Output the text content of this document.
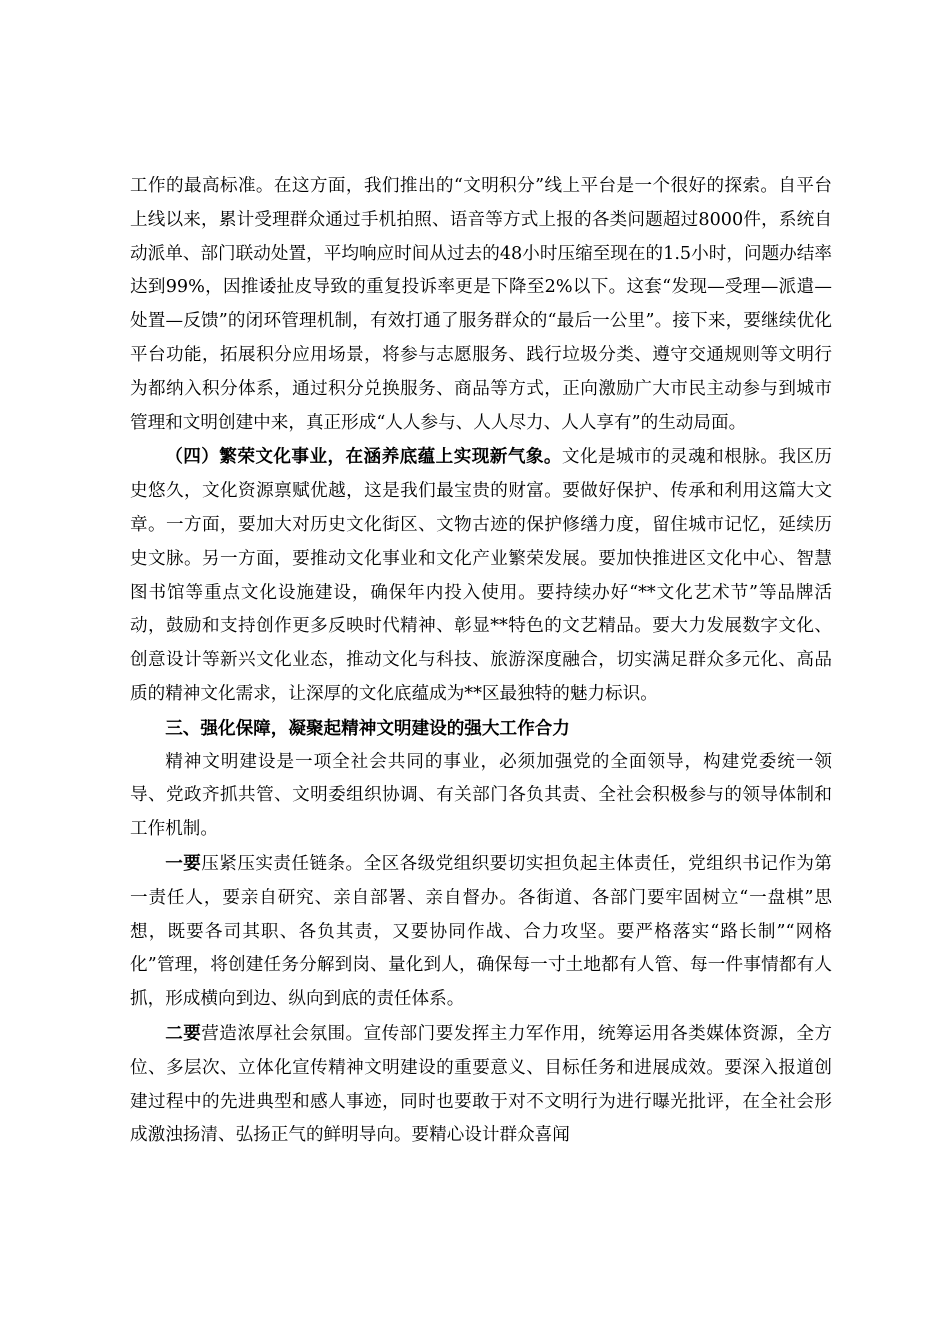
工作的最高标准。在这方面，我们推出的“文明积分”线上平台是一个很好的探索。自平台上线以来，累计受理群众通过手机拍照、语音等方式上报的各类问题超过8000件，系统自动派单、部门联动处置，平均响应时间从过去的48小时压缩至现在的1.5小时，问题办结率达到99%，因推诿扯皮导致的重复投诉率更是下降至2%以下。这套“发现—受理—派遣—处置—反馈”的闭环管理机制，有效打通了服务群众的“最后一公里”。接下来，要继续优化平台功能，拓展积分应用场景，将参与志愿服务、践行垃圾分类、遵守交通规则等文明行为都纳入积分体系，通过积分兑换服务、商品等方式，正向激励广大市民主动参与到城市管理和文明创建中来，真正形成“人人参与、人人尽力、人人享有”的生动局面。

（四）繁荣文化事业，在涵养底蕴上实现新气象。文化是城市的灵魂和根脉。我区历史悠久，文化资源禀赋优越，这是我们最宝贵的财富。要做好保护、传承和利用这篇大文章。一方面，要加大对历史文化街区、文物古迹的保护修缮力度，留住城市记忆，延续历史文脉。另一方面，要推动文化事业和文化产业繁荣发展。要加快推进区文化中心、智慧图书馆等重点文化设施建设，确保年内投入使用。要持续办好“**文化艺术节”等品牌活动，鼓励和支持创作更多反映时代精神、彰显**特色的文艺精品。要大力发展数字文化、创意设计等新兴文化业态，推动文化与科技、旅游深度融合，切实满足群众多元化、高品质的精神文化需求，让深厚的文化底蕴成为**区最独特的魅力标识。

三、强化保障，凝聚起精神文明建设的强大工作合力

精神文明建设是一项全社会共同的事业，必须加强党的全面领导，构建党委统一领导、党政齐抓共管、文明委组织协调、有关部门各负其责、全社会积极参与的领导体制和工作机制。

一要压紧压实责任链条。全区各级党组织要切实担负起主体责任，党组织书记作为第一责任人，要亲自研究、亲自部署、亲自督办。各街道、各部门要牢固树立“一盘棋”思想，既要各司其职、各负其责，又要协同作战、合力攻坚。要严格落实“路长制”“网格化”管理，将创建任务分解到岗、量化到人，确保每一寸土地都有人管、每一件事情都有人抓，形成横向到边、纵向到底的责任体系。

二要营造浓厚社会氛围。宣传部门要发挥主力军作用，统筹运用各类媒体资源，全方位、多层次、立体化宣传精神文明建设的重要意义、目标任务和进展成效。要深入报道创建过程中的先进典型和感人事迹，同时也要敢于对不文明行为进行曝光批评，在全社会形成激浊扬清、弘扬正气的鲜明导向。要精心设计群众喜闻
